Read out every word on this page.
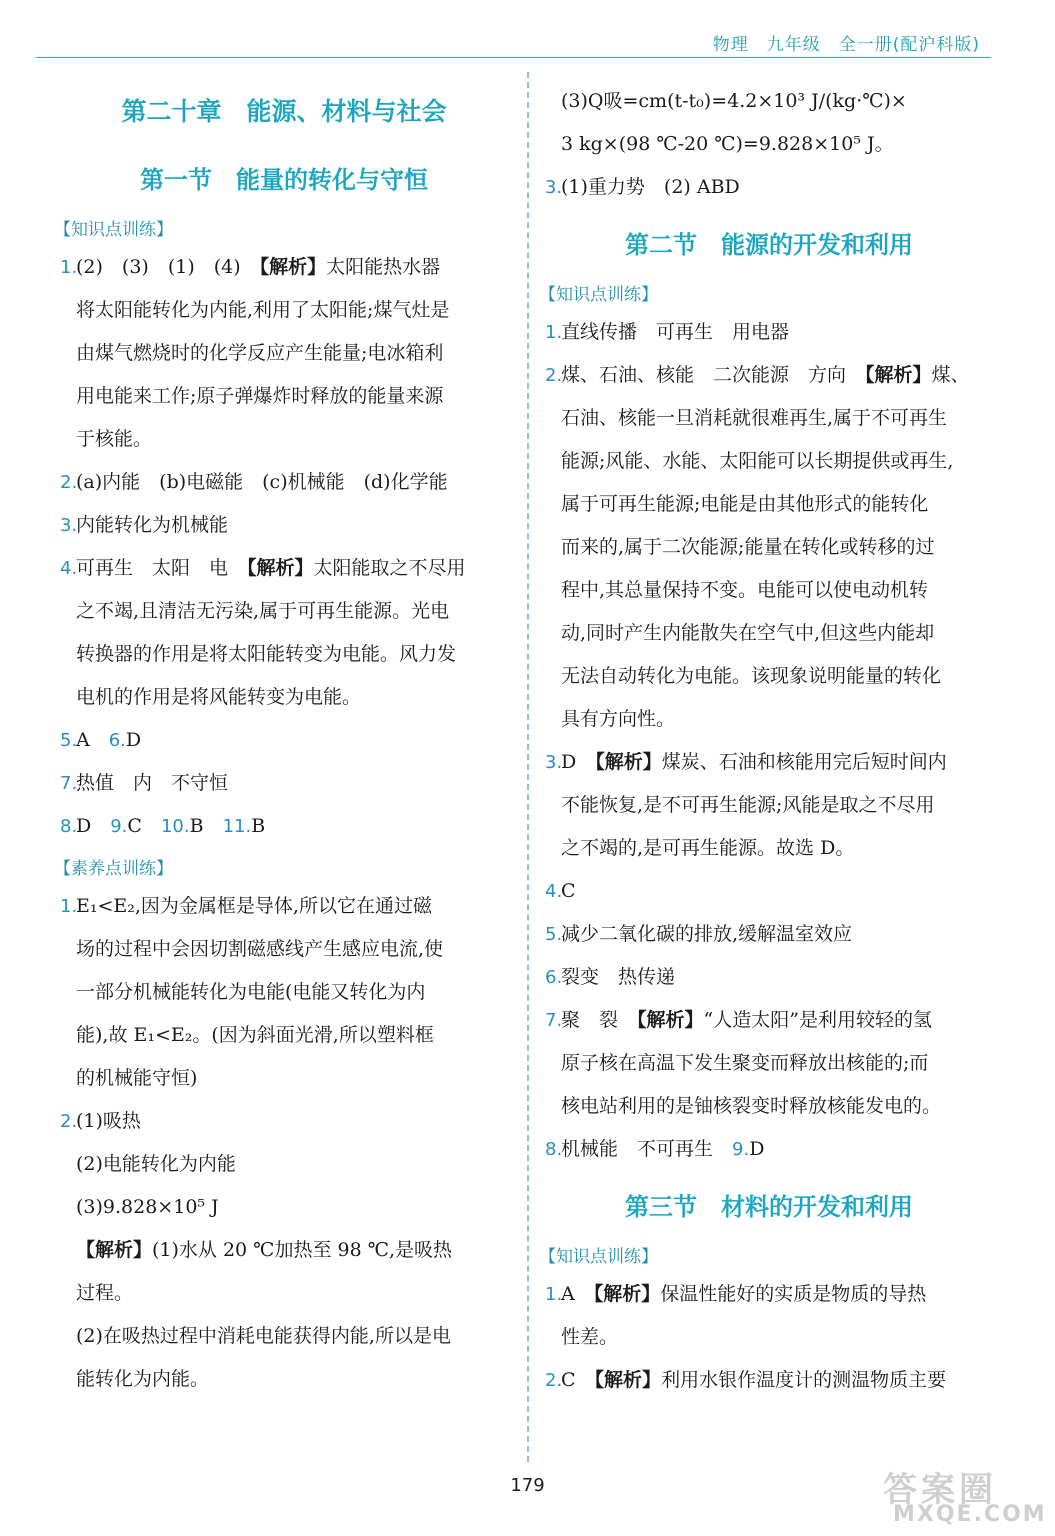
物理　九年级　全一册(配沪科版)
第二十章　能源、材料与社会
第一节　能量的转化与守恒
【知识点训练】
1.
(2)　(3)　(1)　(4)　【解析】太阳能热水器
将太阳能转化为内能,利用了太阳能;煤气灶是
由煤气燃烧时的化学反应产生能量;电冰箱利
用电能来工作;原子弹爆炸时释放的能量来源
于核能。
2.
(a)内能　(b)电磁能　(c)机械能　(d)化学能
3.
内能转化为机械能
4.
可再生　太阳　电　【解析】太阳能取之不尽用
之不竭,且清洁无污染,属于可再生能源。光电
转换器的作用是将太阳能转变为电能。风力发
电机的作用是将风能转变为电能。
5.
A　6.D
7.
热值　内　不守恒
8.
D　9.C　10.B　11.B
【素养点训练】
1.
E₁<E₂,因为金属框是导体,所以它在通过磁
场的过程中会因切割磁感线产生感应电流,使
一部分机械能转化为电能(电能又转化为内
能),故 E₁<E₂。(因为斜面光滑,所以塑料框
的机械能守恒)
2.
(1)吸热
(2)电能转化为内能
(3)9.828×10⁵ J
【解析】(1)水从 20 ℃加热至 98 ℃,是吸热
过程。
(2)在吸热过程中消耗电能获得内能,所以是电
能转化为内能。
(3)Q吸=cm(t-t₀)=4.2×10³ J/(kg·℃)×
3 kg×(98 ℃-20 ℃)=9.828×10⁵ J。
3.
(1)重力势　(2) ABD
第二节　能源的开发和利用
【知识点训练】
1.
直线传播　可再生　用电器
2.
煤、石油、核能　二次能源　方向　【解析】煤、
石油、核能一旦消耗就很难再生,属于不可再生
能源;风能、水能、太阳能可以长期提供或再生,
属于可再生能源;电能是由其他形式的能转化
而来的,属于二次能源;能量在转化或转移的过
程中,其总量保持不变。电能可以使电动机转
动,同时产生内能散失在空气中,但这些内能却
无法自动转化为电能。该现象说明能量的转化
具有方向性。
3.
D　【解析】煤炭、石油和核能用完后短时间内
不能恢复,是不可再生能源;风能是取之不尽用
之不竭的,是可再生能源。故选 D。
4.
C
5.
减少二氧化碳的排放,缓解温室效应
6.
裂变　热传递
7.
聚　裂　【解析】“人造太阳”是利用较轻的氢
原子核在高温下发生聚变而释放出核能的;而
核电站利用的是铀核裂变时释放核能发电的。
8.
机械能　不可再生　9.D
第三节　材料的开发和利用
【知识点训练】
1.
A　【解析】保温性能好的实质是物质的导热
性差。
2.
C　【解析】利用水银作温度计的测温物质主要
179	答案圈
MXQE.COM
